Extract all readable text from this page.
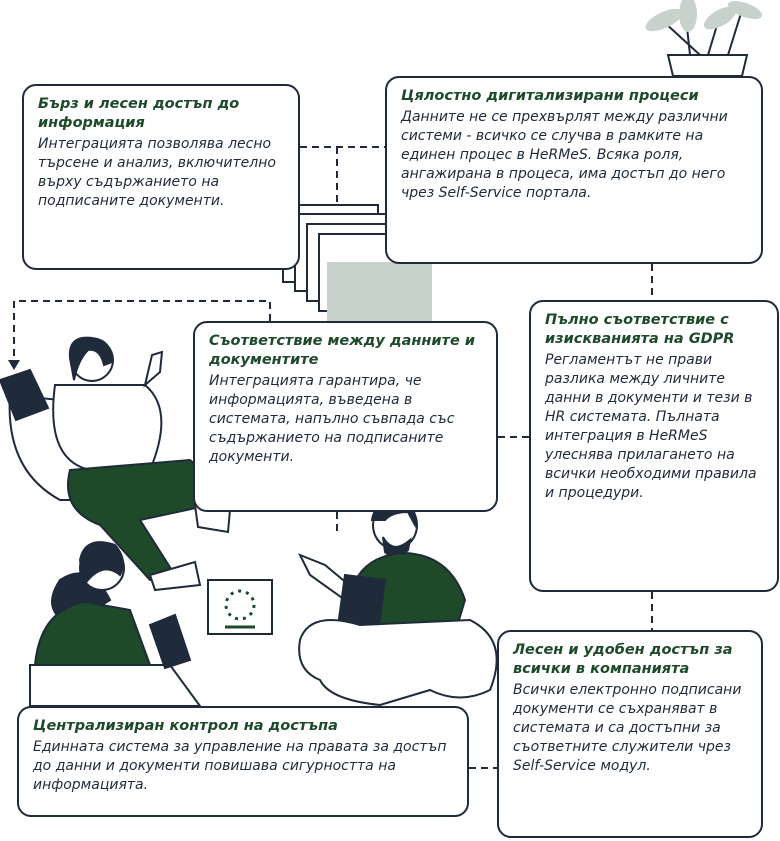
Бърз и лесен достъп до информация

Интеграцията позволява лесно търсене и анализ, включително върху съдържанието на подписаните документи.

Цялостно дигитализирани процеси

Данните не се прехвърлят между различни системи - всичко се случва в рамките на единен процес в HeRMeS. Всяка роля, ангажирана в процеса, има достъп до него чрез Self-Service портала.

Съответствие между данните и документите

Интеграцията гарантира, че информацията, въведена в системата, напълно съвпада със съдържанието на подписаните документи.

Пълно съответствие с изискванията на GDPR

Регламентът не прави разлика между личните данни в документи и тези в HR системата. Пълната интеграция в HeRMeS улеснява прилагането на всички необходими правила и процедури.

Лесен и удобен достъп за всички в компанията

Всички електронно подписани документи се съхраняват в системата и са достъпни за съответните служители чрез Self-Service модул.

Централизиран контрол на достъпа

Единната система за управление на правата за достъп до данни и документи повишава сигурността на информацията.
